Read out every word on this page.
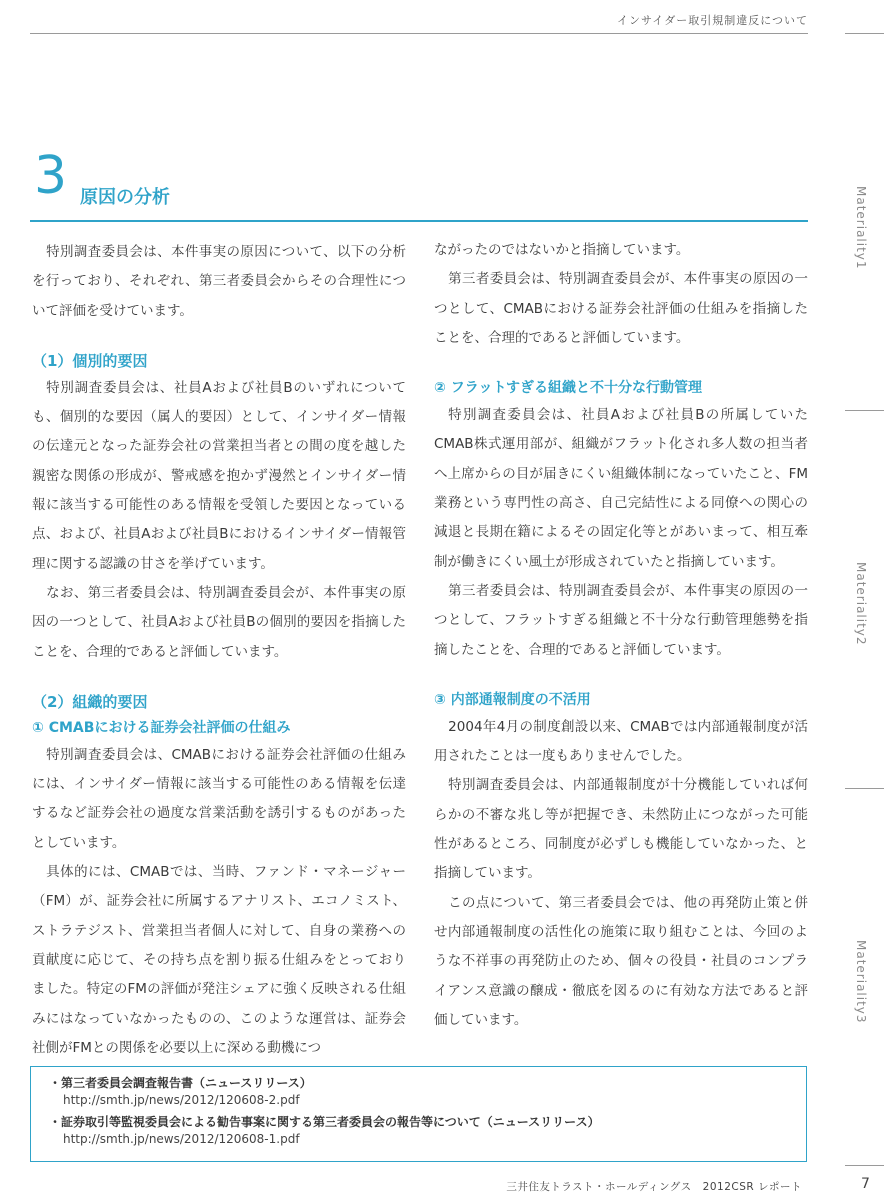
インサイダー取引規制違反について
3 原因の分析

特別調査委員会は、本件事実の原因について、以下の分析を行っており、それぞれ、第三者委員会からその合理性について評価を受けています。

（1）個別的要因

特別調査委員会は、社員Aおよび社員Bのいずれについても、個別的な要因（属人的要因）として、インサイダー情報の伝達元となった証券会社の営業担当者との間の度を越した親密な関係の形成が、警戒感を抱かず漫然とインサイダー情報に該当する可能性のある情報を受領した要因となっている点、および、社員Aおよび社員Bにおけるインサイダー情報管理に関する認識の甘さを挙げています。

なお、第三者委員会は、特別調査委員会が、本件事実の原因の一つとして、社員Aおよび社員Bの個別的要因を指摘したことを、合理的であると評価しています。

（2）組織的要因
① CMABにおける証券会社評価の仕組み

特別調査委員会は、CMABにおける証券会社評価の仕組みには、インサイダー情報に該当する可能性のある情報を伝達するなど証券会社の過度な営業活動を誘引するものがあったとしています。

具体的には、CMABでは、当時、ファンド・マネージャー（FM）が、証券会社に所属するアナリスト、エコノミスト、ストラテジスト、営業担当者個人に対して、自身の業務への貢献度に応じて、その持ち点を割り振る仕組みをとっておりました。特定のFMの評価が発注シェアに強く反映される仕組みにはなっていなかったものの、このような運営は、証券会社側がFMとの関係を必要以上に深める動機につ

ながったのではないかと指摘しています。

第三者委員会は、特別調査委員会が、本件事実の原因の一つとして、CMABにおける証券会社評価の仕組みを指摘したことを、合理的であると評価しています。

② フラットすぎる組織と不十分な行動管理

特別調査委員会は、社員Aおよび社員Bの所属していたCMAB株式運用部が、組織がフラット化され多人数の担当者へ上席からの目が届きにくい組織体制になっていたこと、FM業務という専門性の高さ、自己完結性による同僚への関心の減退と長期在籍によるその固定化等とがあいまって、相互牽制が働きにくい風土が形成されていたと指摘しています。

第三者委員会は、特別調査委員会が、本件事実の原因の一つとして、フラットすぎる組織と不十分な行動管理態勢を指摘したことを、合理的であると評価しています。

③ 内部通報制度の不活用

2004年4月の制度創設以来、CMABでは内部通報制度が活用されたことは一度もありませんでした。

特別調査委員会は、内部通報制度が十分機能していれば何らかの不審な兆し等が把握でき、未然防止につながった可能性があるところ、同制度が必ずしも機能していなかった、と指摘しています。

この点について、第三者委員会では、他の再発防止策と併せ内部通報制度の活性化の施策に取り組むことは、今回のような不祥事の再発防止のため、個々の役員・社員のコンプライアンス意識の醸成・徹底を図るのに有効な方法であると評価しています。

Materiality1
Materiality2
Materiality3
・第三者委員会調査報告書（ニュースリリース）
http://smth.jp/news/2012/120608-2.pdf
・証券取引等監視委員会による勧告事案に関する第三者委員会の報告等について（ニュースリリース）
http://smth.jp/news/2012/120608-1.pdf
三井住友トラスト・ホールディングス　2012CSR レポート	7
